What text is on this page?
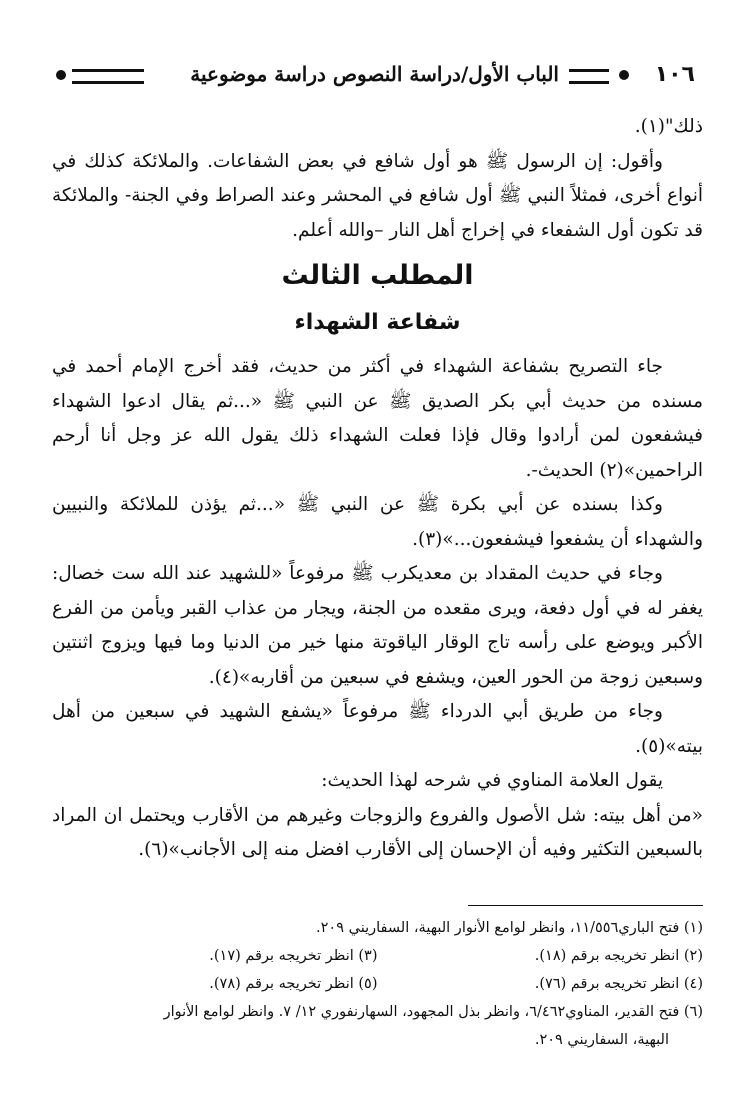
١٠٦
الباب الأول/دراسة النصوص دراسة موضوعية

ذلك"(١).

وأقول: إن الرسول ﷺ هو أول شافع في بعض الشفاعات. والملائكة كذلك في أنواع أخرى، فمثلاً النبي ﷺ أول شافع في المحشر وعند الصراط وفي الجنة- والملائكة قد تكون أول الشفعاء في إخراج أهل النار –والله أعلم.

المطلب الثالث
شفاعة الشهداء

جاء التصريح بشفاعة الشهداء في أكثر من حديث، فقد أخرج الإمام أحمد في مسنده من حديث أبي بكر الصديق ﷺ عن النبي ﷺ «...ثم يقال ادعوا الشهداء فيشفعون لمن أرادوا وقال فإذا فعلت الشهداء ذلك يقول الله عز وجل أنا أرحم الراحمين»(٢) الحديث-.

وكذا بسنده عن أبي بكرة ﷺ عن النبي ﷺ «...ثم يؤذن للملائكة والنبيين والشهداء أن يشفعوا فيشفعون...»(٣).

وجاء في حديث المقداد بن معديكرب ﷺ مرفوعاً «للشهيد عند الله ست خصال: يغفر له في أول دفعة، ويرى مقعده من الجنة، ويجار من عذاب القبر ويأمن من الفرع الأكبر ويوضع على رأسه تاج الوقار الياقوتة منها خير من الدنيا وما فيها ويزوج اثنتين وسبعين زوجة من الحور العين، ويشفع في سبعين من أقاربه»(٤).

وجاء من طريق أبي الدرداء ﷺ مرفوعاً «يشفع الشهيد في سبعين من أهل بيته»(٥).

يقول العلامة المناوي في شرحه لهذا الحديث:

«من أهل بيته: شل الأصول والفروع والزوجات وغيرهم من الأقارب ويحتمل ان المراد بالسبعين التكثير وفيه أن الإحسان إلى الأقارب افضل منه إلى الأجانب»(٦).

(١) فتح الباري١١/٥٥٦، وانظر لوامع الأنوار البهية، السفاريني ٢٠٩.

(٢) انظر تخريجه برقم (١٨).
(٣) انظر تخريجه برقم (١٧).
(٤) انظر تخريجه برقم (٧٦).
(٥) انظر تخريجه برقم (٧٨).

(٦) فتح القدير، المناوي٦/٤٦٢، وانظر بذل المجهود، السهارنفوري ١٢/ ٧. وانظر لوامع الأنوار

البهية، السفاريني ٢٠٩.
